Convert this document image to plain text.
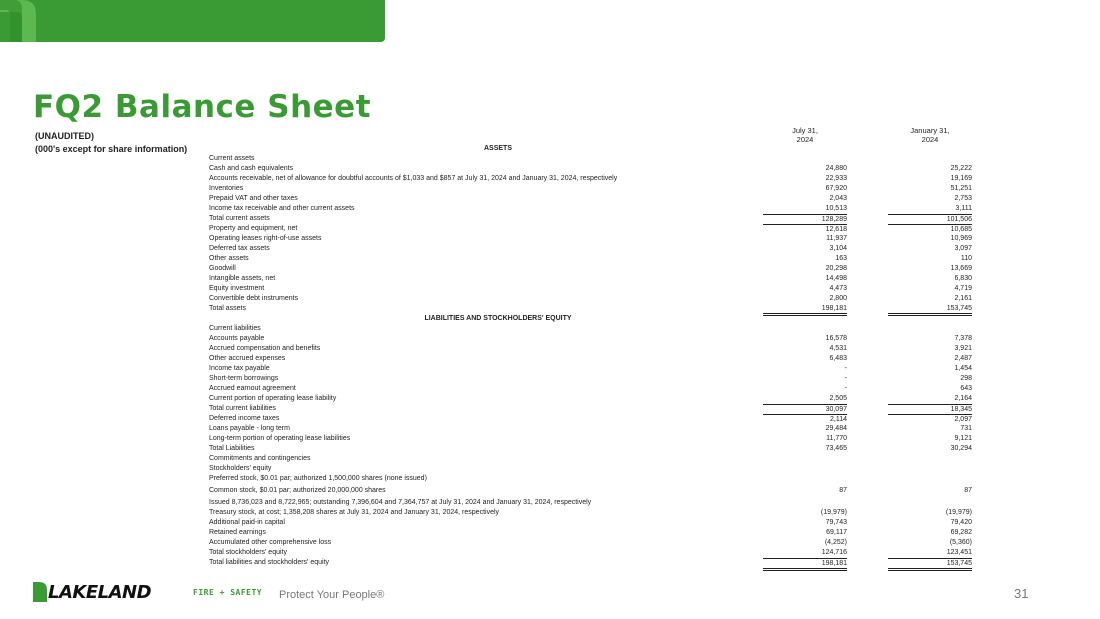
FQ2 Balance Sheet
(UNAUDITED)
(000's except for share information)
July 31,
2024
January 31,
2024
ASSETS
Current assets
Cash and cash equivalents	24,880	25,222
Accounts receivable, net of allowance for doubtful accounts of $1,033 and $857 at July 31, 2024 and January 31, 2024, respectively	22,933	19,169
Inventories	67,920	51,251
Prepaid VAT and other taxes	2,043	2,753
Income tax receivable and other current assets	10,513	3,111
Total current assets	128,289	101,506
Property and equipment, net	12,618	10,685
Operating leases right-of-use assets	11,937	10,969
Deferred tax assets	3,104	3,097
Other assets	163	110
Goodwill	20,298	13,669
Intangible assets, net	14,498	6,830
Equity investment	4,473	4,719
Convertible debt instruments	2,800	2,161
Total assets	198,181	153,745
LIABILITIES AND STOCKHOLDERS' EQUITY
Current liabilities
Accounts payable	16,578	7,378
Accrued compensation and benefits	4,531	3,921
Other accrued expenses	6,483	2,487
Income tax payable	-	1,454
Short-term borrowings	-	298
Accrued earnout agreement	-	643
Current portion of operating lease liability	2,505	2,164
Total current liabilities	30,097	18,345
Deferred income taxes	2,114	2,097
Loans payable - long term	29,484	731
Long-term portion of operating lease liabilities	11,770	9,121
Total Liabilities	73,465	30,294
Commitments and contingencies
Stockholders' equity
Preferred stock, $0.01 par; authorized 1,500,000 shares (none issued)
Common stock, $0.01 par; authorized 20,000,000 shares	87	87
Issued 8,736,023 and 8,722,965; outstanding 7,396,604 and 7,364,757 at July 31, 2024 and January 31, 2024, respectively
Treasury stock, at cost; 1,358,208 shares at July 31, 2024 and January 31, 2024, respectively	(19,979)	(19,979)
Additional paid-in capital	79,743	79,420
Retained earnings	69,117	69,282
Accumulated other comprehensive loss	(4,252)	(5,360)
Total stockholders' equity	124,716	123,451
Total liabilities and stockholders' equity	198,181	153,745
LAKELAND	FIRE + SAFETY Protect Your People®	31
